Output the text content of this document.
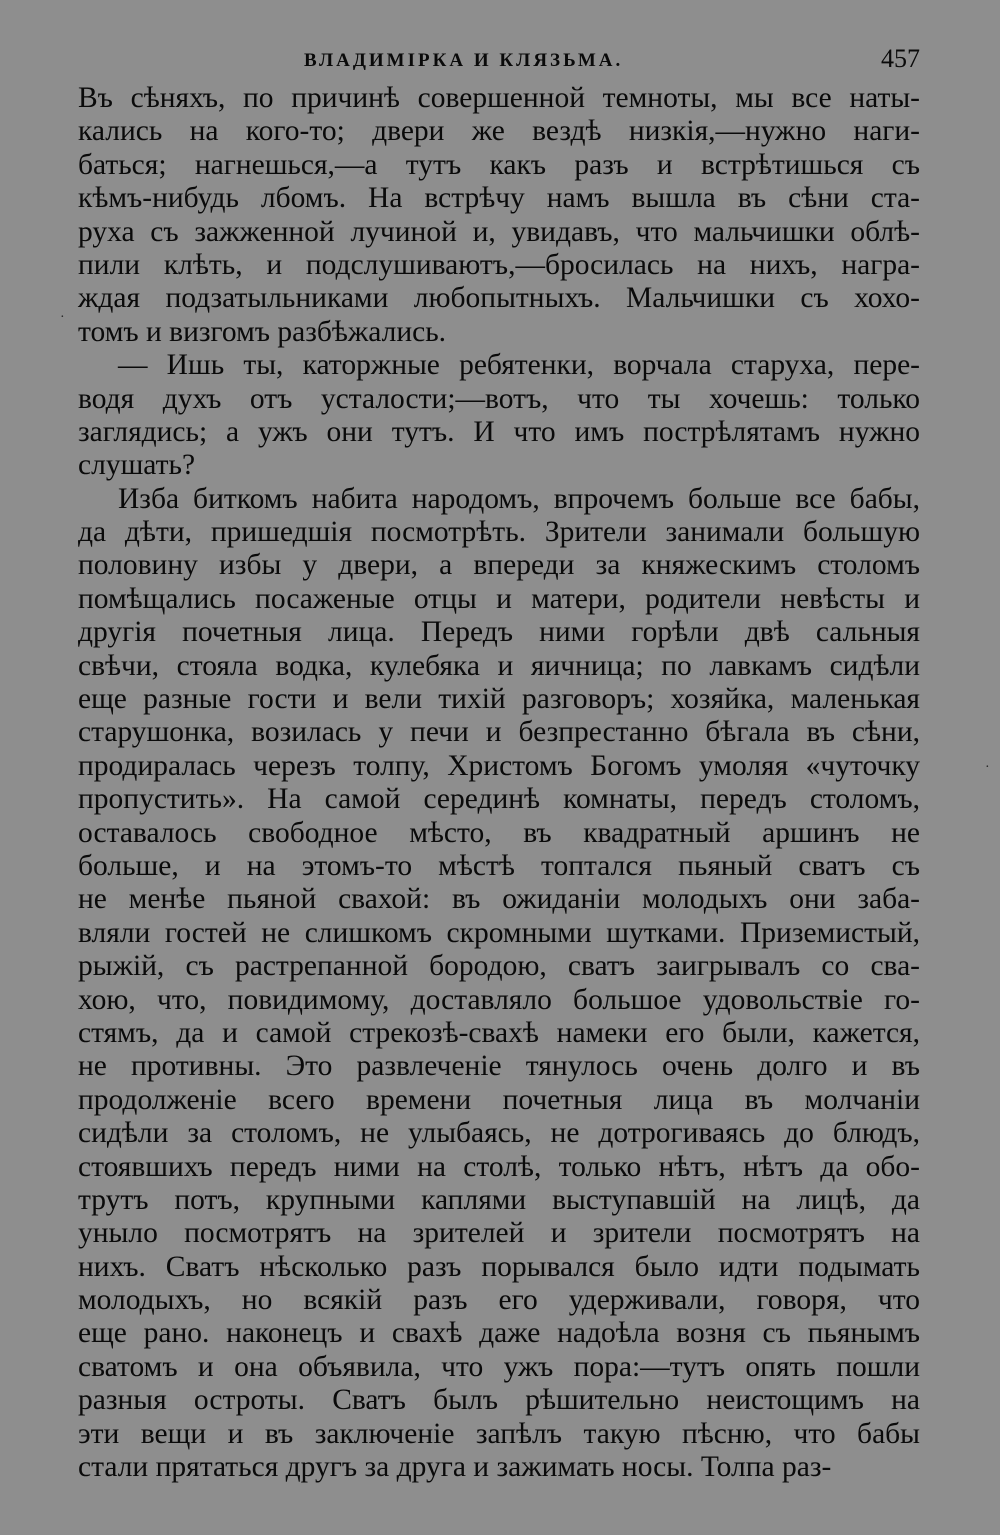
ВЛАДИМІРКА И КЛЯЗЬМА.	457
Въ сѣняхъ, по причинѣ совершенной темноты, мы все наты-
кались на кого-то; двери же вездѣ низкія,—нужно наги-
баться; нагнешься,—а тутъ какъ разъ и встрѣтишься съ
кѣмъ-нибудь лбомъ. На встрѣчу намъ вышла въ сѣни ста-
руха съ зажженной лучиной и, увидавъ, что мальчишки облѣ-
пили клѣть, и подслушиваютъ,—бросилась на нихъ, награ-
ждая подзатыльниками любопытныхъ. Мальчишки съ хохо-
томъ и визгомъ разбѣжались.
— Ишь ты, каторжные ребятенки, ворчала старуха, пере-
водя духъ отъ усталости;—вотъ, что ты хочешь: только
заглядись; а ужъ они тутъ. И что имъ пострѣлятамъ нужно
слушать?
Изба биткомъ набита народомъ, впрочемъ больше все бабы,
да дѣти, пришедшія посмотрѣть. Зрители занимали большую
половину избы у двери, а впереди за княжескимъ столомъ
помѣщались посаженые отцы и матери, родители невѣсты и
другія почетныя лица. Передъ ними горѣли двѣ сальныя
свѣчи, стояла водка, кулебяка и яичница; по лавкамъ сидѣли
еще разные гости и вели тихій разговоръ; хозяйка, маленькая
старушонка, возилась у печи и безпрестанно бѣгала въ сѣни,
продиралась черезъ толпу, Христомъ Богомъ умоляя «чуточку
пропустить». На самой серединѣ комнаты, передъ столомъ,
оставалось свободное мѣсто, въ квадратный аршинъ не
больше, и на этомъ-то мѣстѣ топтался пьяный сватъ съ
не менѣе пьяной свахой: въ ожиданіи молодыхъ они заба-
вляли гостей не слишкомъ скромными шутками. Приземистый,
рыжій, съ растрепанной бородою, сватъ заигрывалъ со сва-
хою, что, повидимому, доставляло большое удовольствіе го-
стямъ, да и самой стрекозѣ-свахѣ намеки его были, кажется,
не противны. Это развлеченіе тянулось очень долго и въ
продолженіе всего времени почетныя лица въ молчаніи
сидѣли за столомъ, не улыбаясь, не дотрогиваясь до блюдъ,
стоявшихъ передъ ними на столѣ, только нѣтъ, нѣтъ да обо-
трутъ потъ, крупными каплями выступавшій на лицѣ, да
уныло посмотрятъ на зрителей и зрители посмотрятъ на
нихъ. Сватъ нѣсколько разъ порывался было идти подымать
молодыхъ, но всякій разъ его удерживали, говоря, что
еще рано. наконецъ и свахѣ даже надоѣла возня съ пьянымъ
сватомъ и она объявила, что ужъ пора:—тутъ опять пошли
разныя остроты. Сватъ былъ рѣшительно неистощимъ на
эти вещи и въ заключеніе запѣлъ такую пѣсню, что бабы
стали прятаться другъ за друга и зажимать носы. Толпа раз-
·
·
